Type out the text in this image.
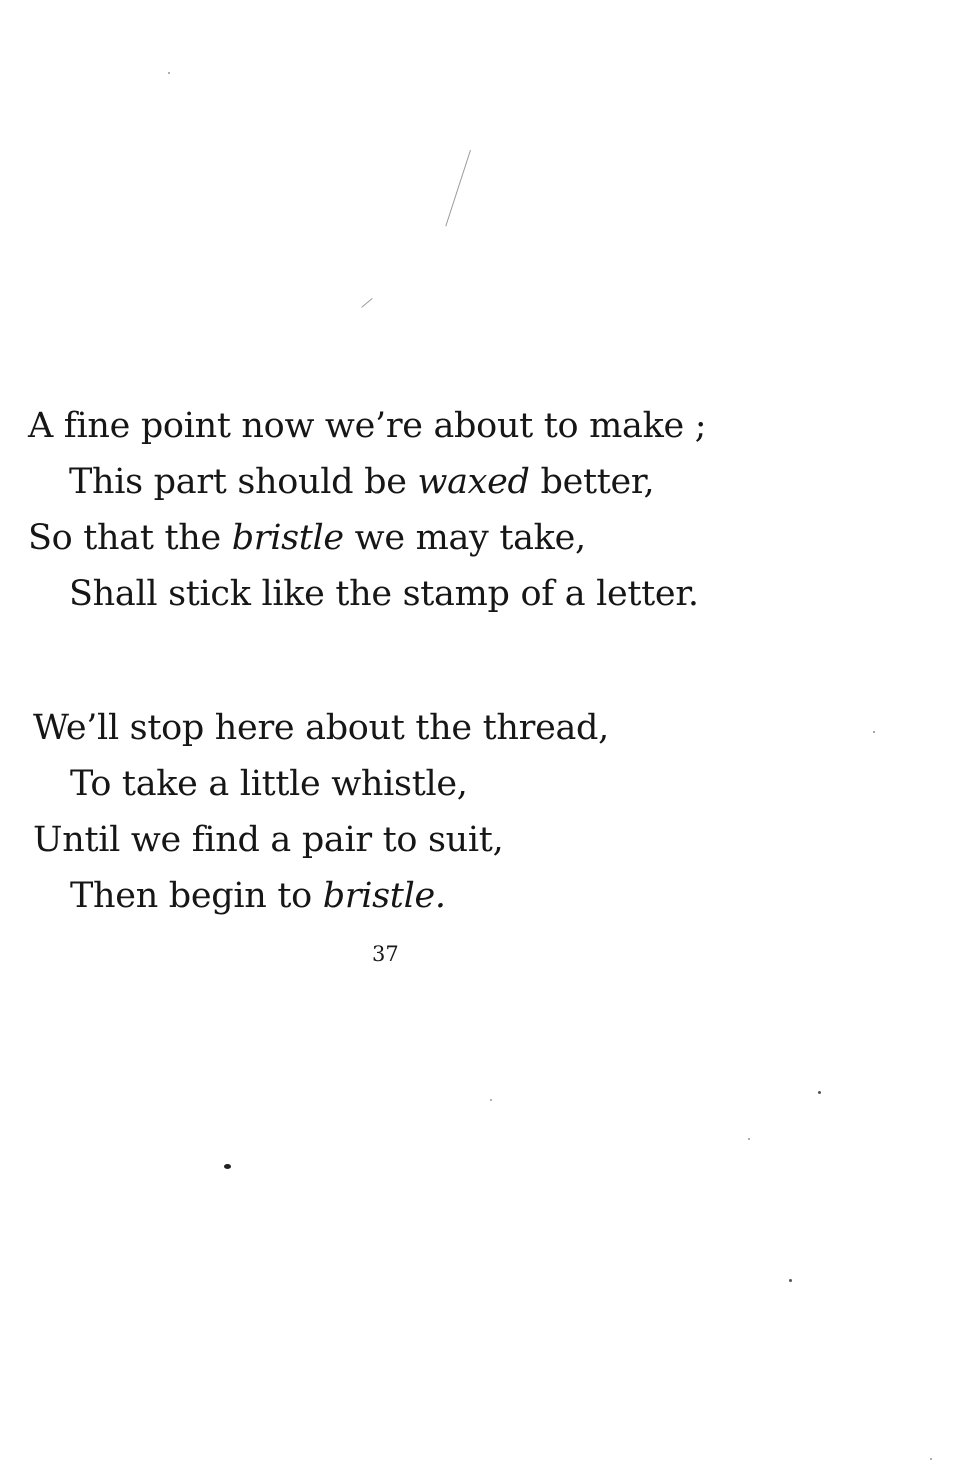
A fine point now we’re about to make ;
This part should be waxed better,
So that the bristle we may take,
Shall stick like the stamp of a letter.
We’ll stop here about the thread,
To take a little whistle,
Until we find a pair to suit,
Then begin to bristle.
37
